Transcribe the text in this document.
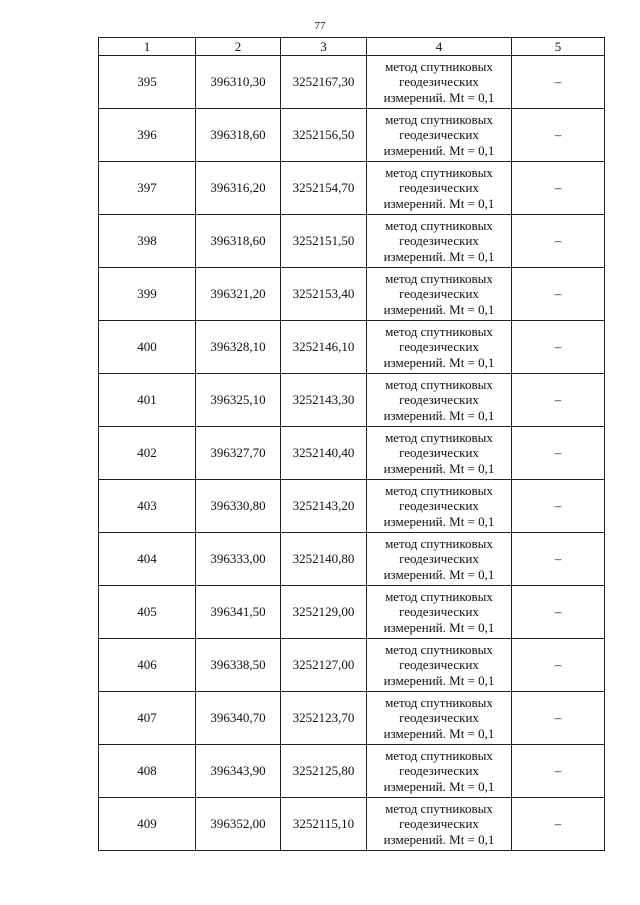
77
1	2	3	4	5
395	396310,30	3252167,30	метод спутниковых
геодезических
измерений. Mt = 0,1	–
396	396318,60	3252156,50	метод спутниковых
геодезических
измерений. Mt = 0,1	–
397	396316,20	3252154,70	метод спутниковых
геодезических
измерений. Mt = 0,1	–
398	396318,60	3252151,50	метод спутниковых
геодезических
измерений. Mt = 0,1	–
399	396321,20	3252153,40	метод спутниковых
геодезических
измерений. Mt = 0,1	–
400	396328,10	3252146,10	метод спутниковых
геодезических
измерений. Mt = 0,1	–
401	396325,10	3252143,30	метод спутниковых
геодезических
измерений. Mt = 0,1	–
402	396327,70	3252140,40	метод спутниковых
геодезических
измерений. Mt = 0,1	–
403	396330,80	3252143,20	метод спутниковых
геодезических
измерений. Mt = 0,1	–
404	396333,00	3252140,80	метод спутниковых
геодезических
измерений. Mt = 0,1	–
405	396341,50	3252129,00	метод спутниковых
геодезических
измерений. Mt = 0,1	–
406	396338,50	3252127,00	метод спутниковых
геодезических
измерений. Mt = 0,1	–
407	396340,70	3252123,70	метод спутниковых
геодезических
измерений. Mt = 0,1	–
408	396343,90	3252125,80	метод спутниковых
геодезических
измерений. Mt = 0,1	–
409	396352,00	3252115,10	метод спутниковых
геодезических
измерений. Mt = 0,1	–
